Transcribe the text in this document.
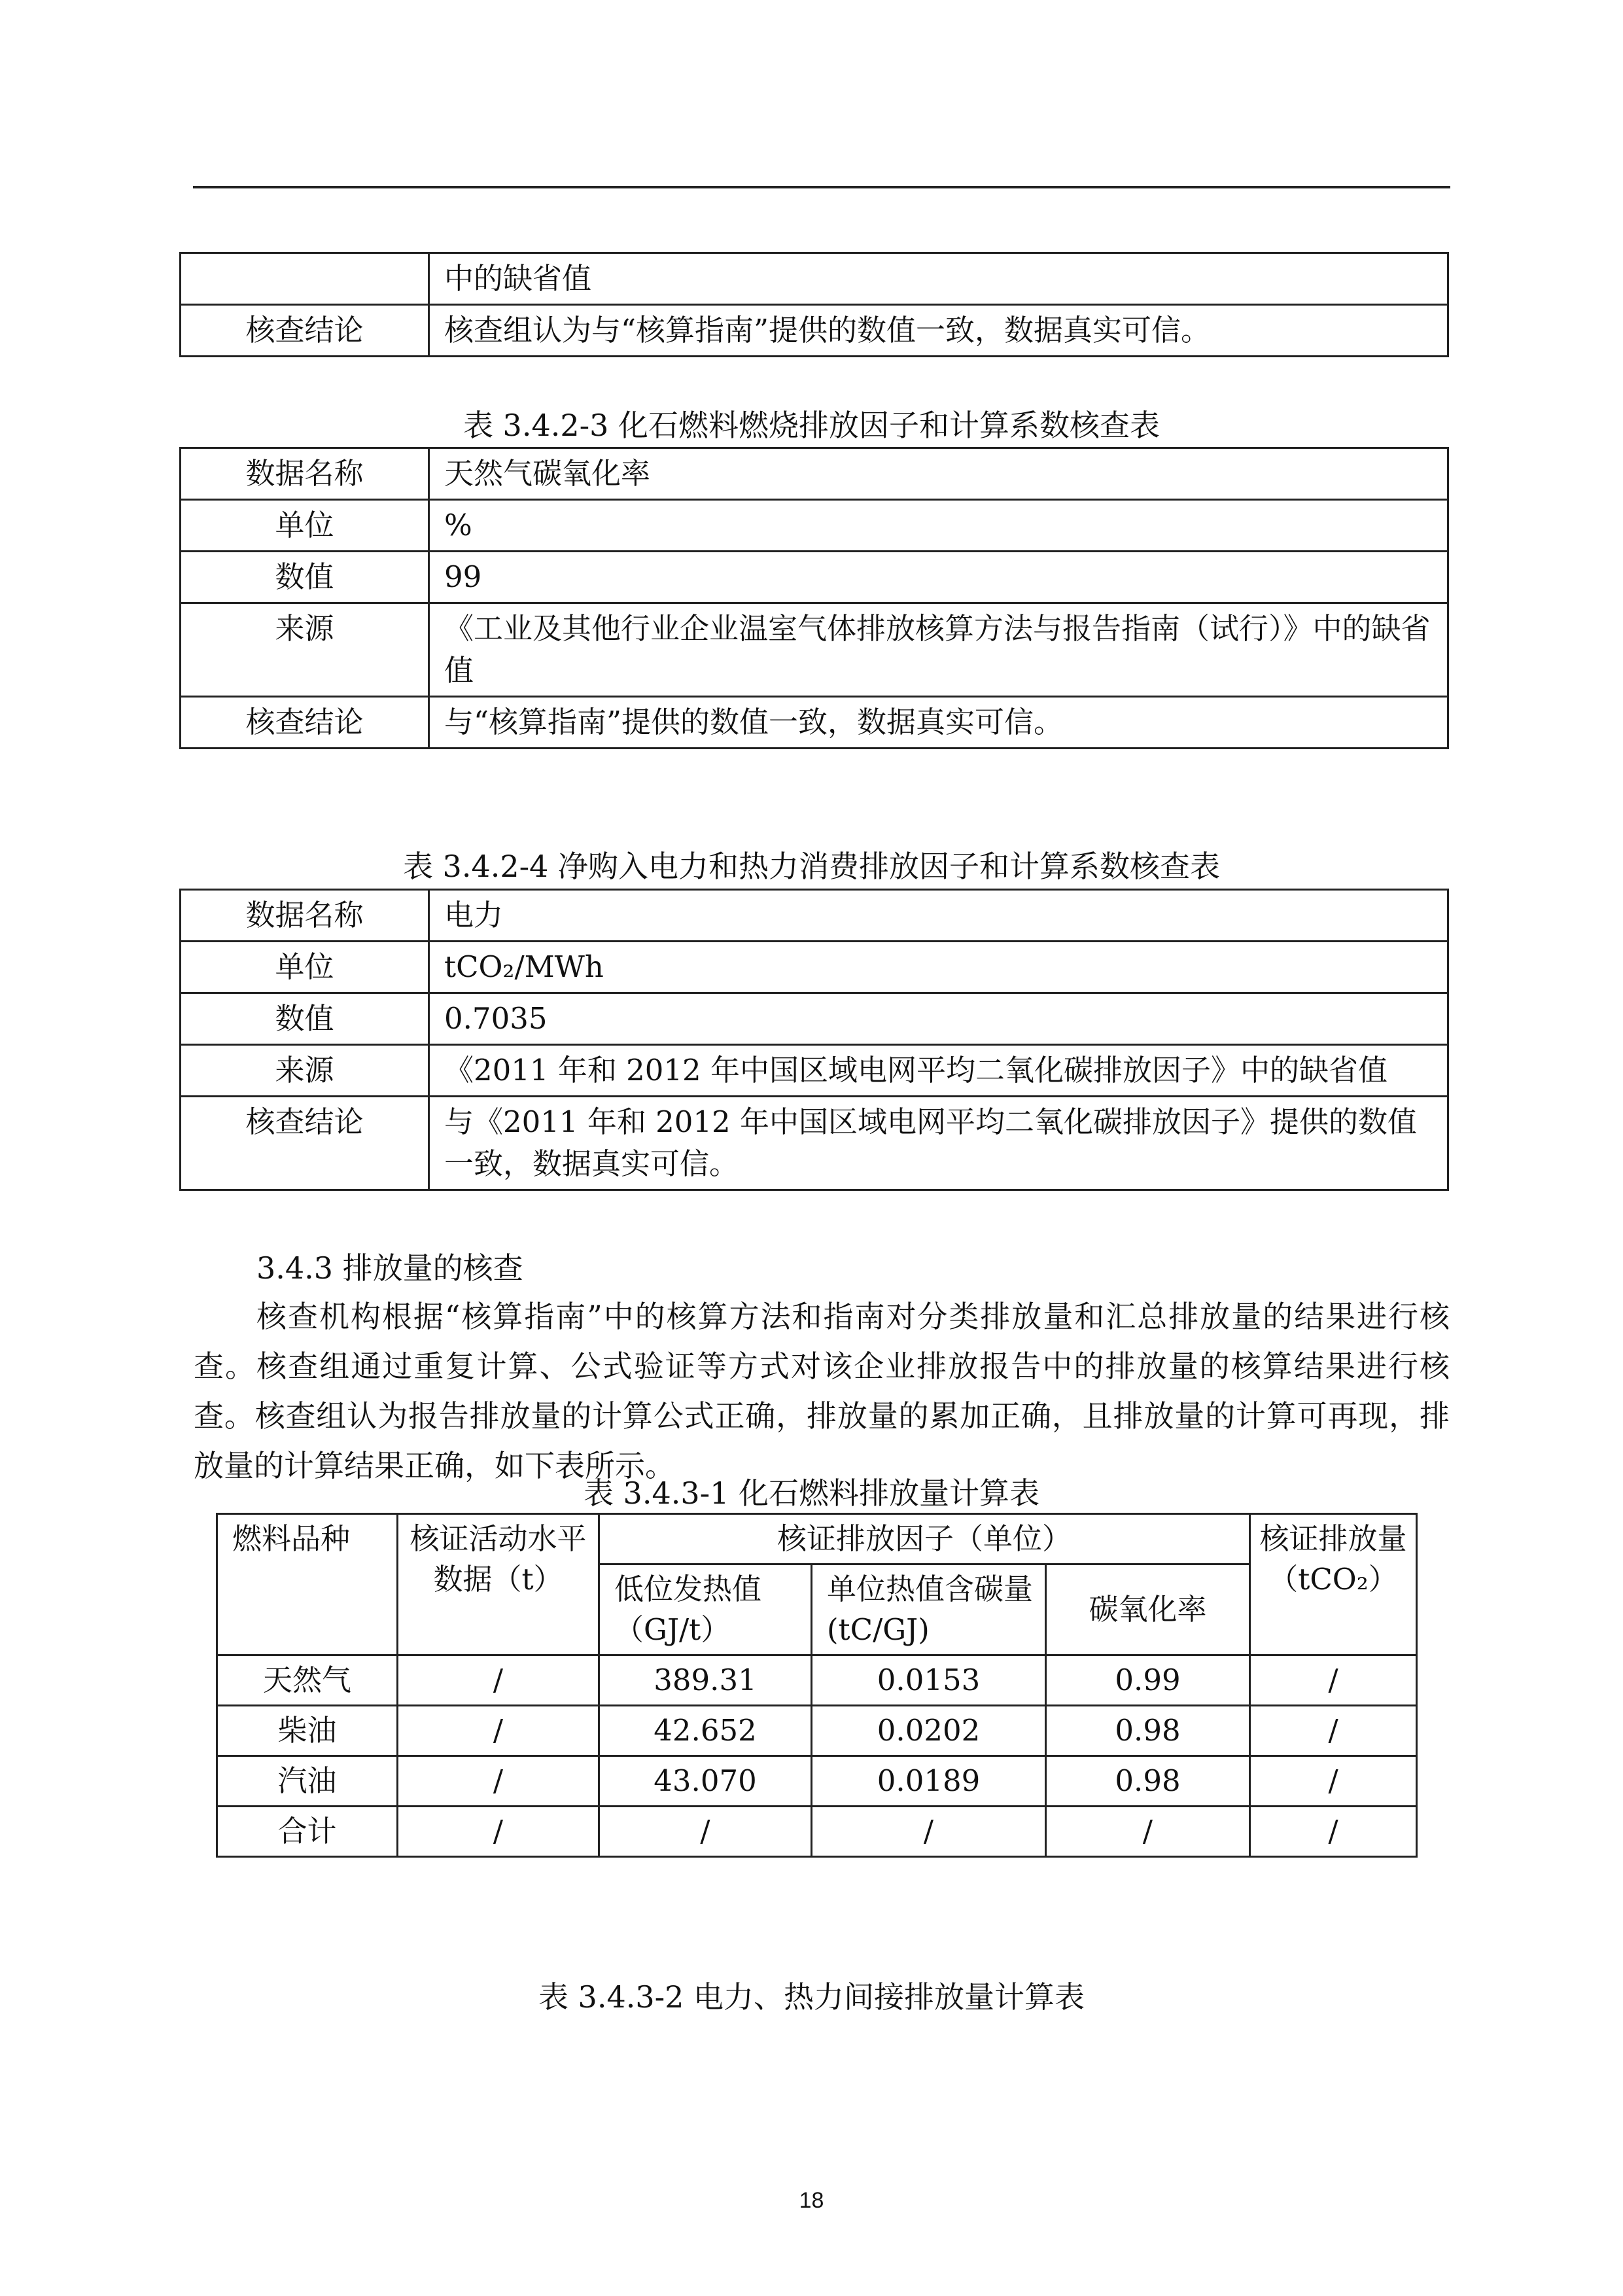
	中的缺省值
核查结论	核查组认为与“核算指南”提供的数值一致，数据真实可信。
表 3.4.2-3 化石燃料燃烧排放因子和计算系数核查表
数据名称	天然气碳氧化率
单位	%
数值	99
来源	《工业及其他行业企业温室气体排放核算方法与报告指南（试行）》中的缺省值
核查结论	与“核算指南”提供的数值一致，数据真实可信。
表 3.4.2-4 净购入电力和热力消费排放因子和计算系数核查表
数据名称	电力
单位	tCO₂/MWh
数值	0.7035
来源	《2011 年和 2012 年中国区域电网平均二氧化碳排放因子》中的缺省值
核查结论	与《2011 年和 2012 年中国区域电网平均二氧化碳排放因子》提供的数值一致，数据真实可信。
3.4.3 排放量的核查
核查机构根据“核算指南”中的核算方法和指南对分类排放量和汇总排放量的结果进行核查。核查组通过重复计算、公式验证等方式对该企业排放报告中的排放量的核算结果进行核查。核查组认为报告排放量的计算公式正确，排放量的累加正确，且排放量的计算可再现，排放量的计算结果正确，如下表所示。
表 3.4.3-1 化石燃料排放量计算表
燃料品种	核证活动水平数据（t）	核证排放因子（单位）			核证排放量（tCO₂）
		低位发热值（GJ/t）	单位热值含碳量(tC/GJ)	碳氧化率	
天然气	/	389.31	0.0153	0.99	/
柴油	/	42.652	0.0202	0.98	/
汽油	/	43.070	0.0189	0.98	/
合计	/	/	/	/	/
表 3.4.3-2 电力、热力间接排放量计算表
18
